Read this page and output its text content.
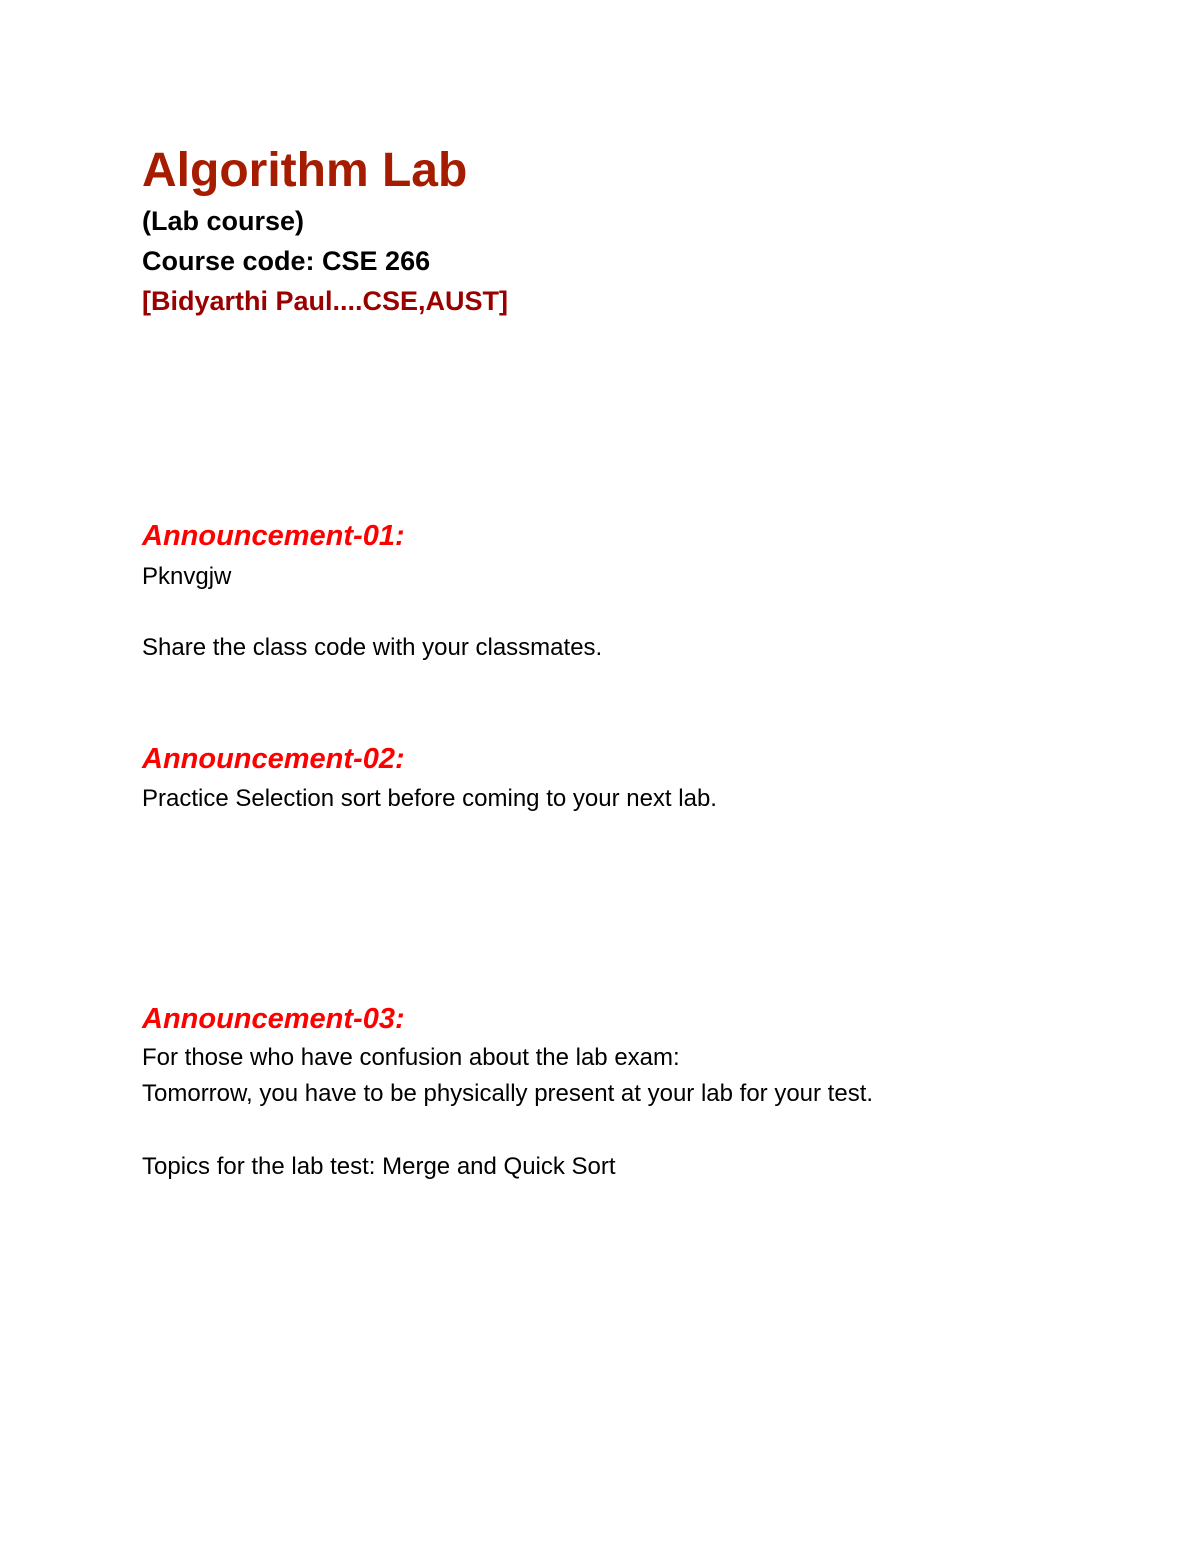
Algorithm Lab

(Lab course)

Course code: CSE 266

[Bidyarthi Paul....CSE,AUST]

Announcement-01:

Pknvgjw

Share the class code with your classmates.

Announcement-02:

Practice Selection sort before coming to your next lab.

Announcement-03:

For those who have confusion about the lab exam:

Tomorrow, you have to be physically present at your lab for your test.

Topics for the lab test: Merge and Quick Sort
